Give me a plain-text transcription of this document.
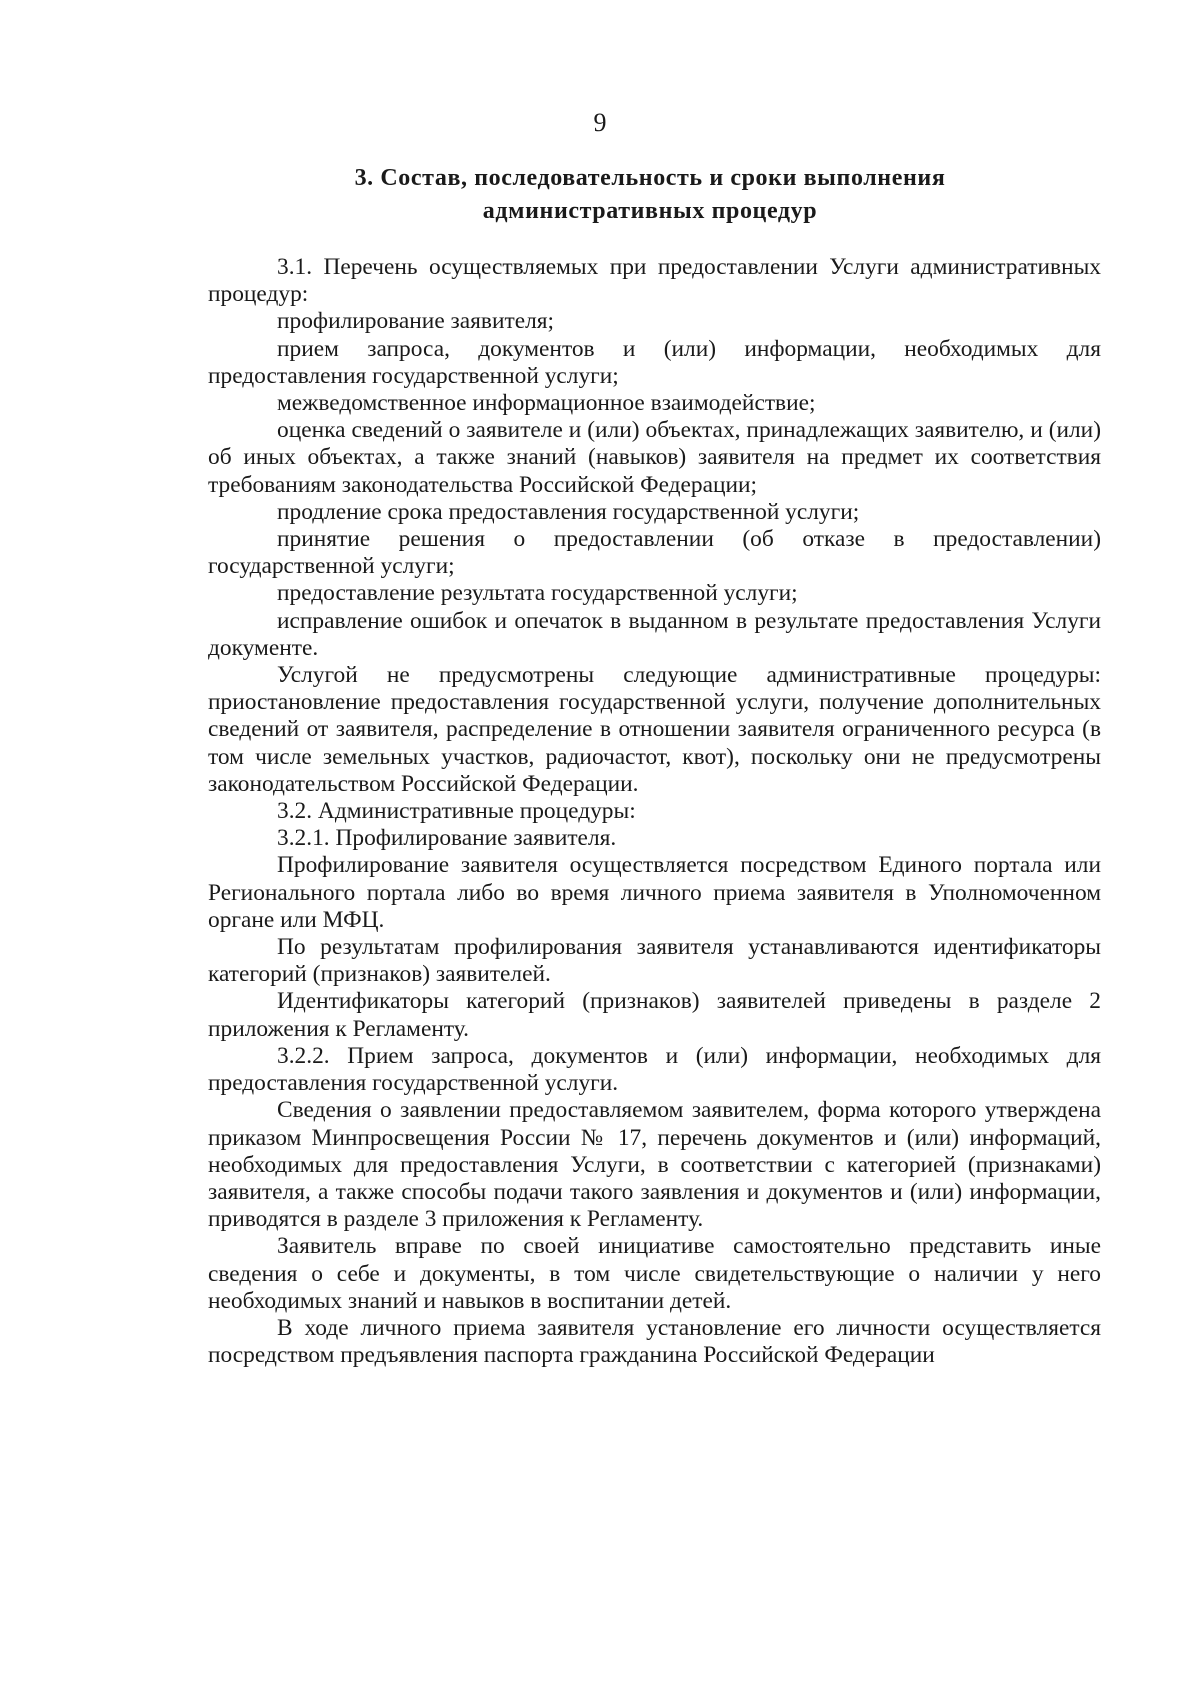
9
3. Состав, последовательность и сроки выполнения
административных процедур

3.1. Перечень осуществляемых при предоставлении Услуги административных процедур:

профилирование заявителя;

прием запроса, документов и (или) информации, необходимых для предоставления государственной услуги;

межведомственное информационное взаимодействие;

оценка сведений о заявителе и (или) объектах, принадлежащих заявителю, и (или) об иных объектах, а также знаний (навыков) заявителя на предмет их соответствия требованиям законодательства Российской Федерации;

продление срока предоставления государственной услуги;

принятие решения о предоставлении (об отказе в предоставлении) государственной услуги;

предоставление результата государственной услуги;

исправление ошибок и опечаток в выданном в результате предоставления Услуги документе.

Услугой не предусмотрены следующие административные процедуры: приостановление предоставления государственной услуги, получение дополнительных сведений от заявителя, распределение в отношении заявителя ограниченного ресурса (в том числе земельных участков, радиочастот, квот), поскольку они не предусмотрены законодательством Российской Федерации.

3.2. Административные процедуры:

3.2.1. Профилирование заявителя.

Профилирование заявителя осуществляется посредством Единого портала или Регионального портала либо во время личного приема заявителя в Уполномоченном органе или МФЦ.

По результатам профилирования заявителя устанавливаются идентификаторы категорий (признаков) заявителей.

Идентификаторы категорий (признаков) заявителей приведены в разделе 2 приложения к Регламенту.

3.2.2. Прием запроса, документов и (или) информации, необходимых для предоставления государственной услуги.

Сведения о заявлении предоставляемом заявителем, форма которого утверждена приказом Минпросвещения России № 17, перечень документов и (или) информаций, необходимых для предоставления Услуги, в соответствии с категорией (признаками) заявителя, а также способы подачи такого заявления и документов и (или) информации, приводятся в разделе 3 приложения к Регламенту.

Заявитель вправе по своей инициативе самостоятельно представить иные сведения о себе и документы, в том числе свидетельствующие о наличии у него необходимых знаний и навыков в воспитании детей.

В ходе личного приема заявителя установление его личности осуществляется посредством предъявления паспорта гражданина Российской Федерации
